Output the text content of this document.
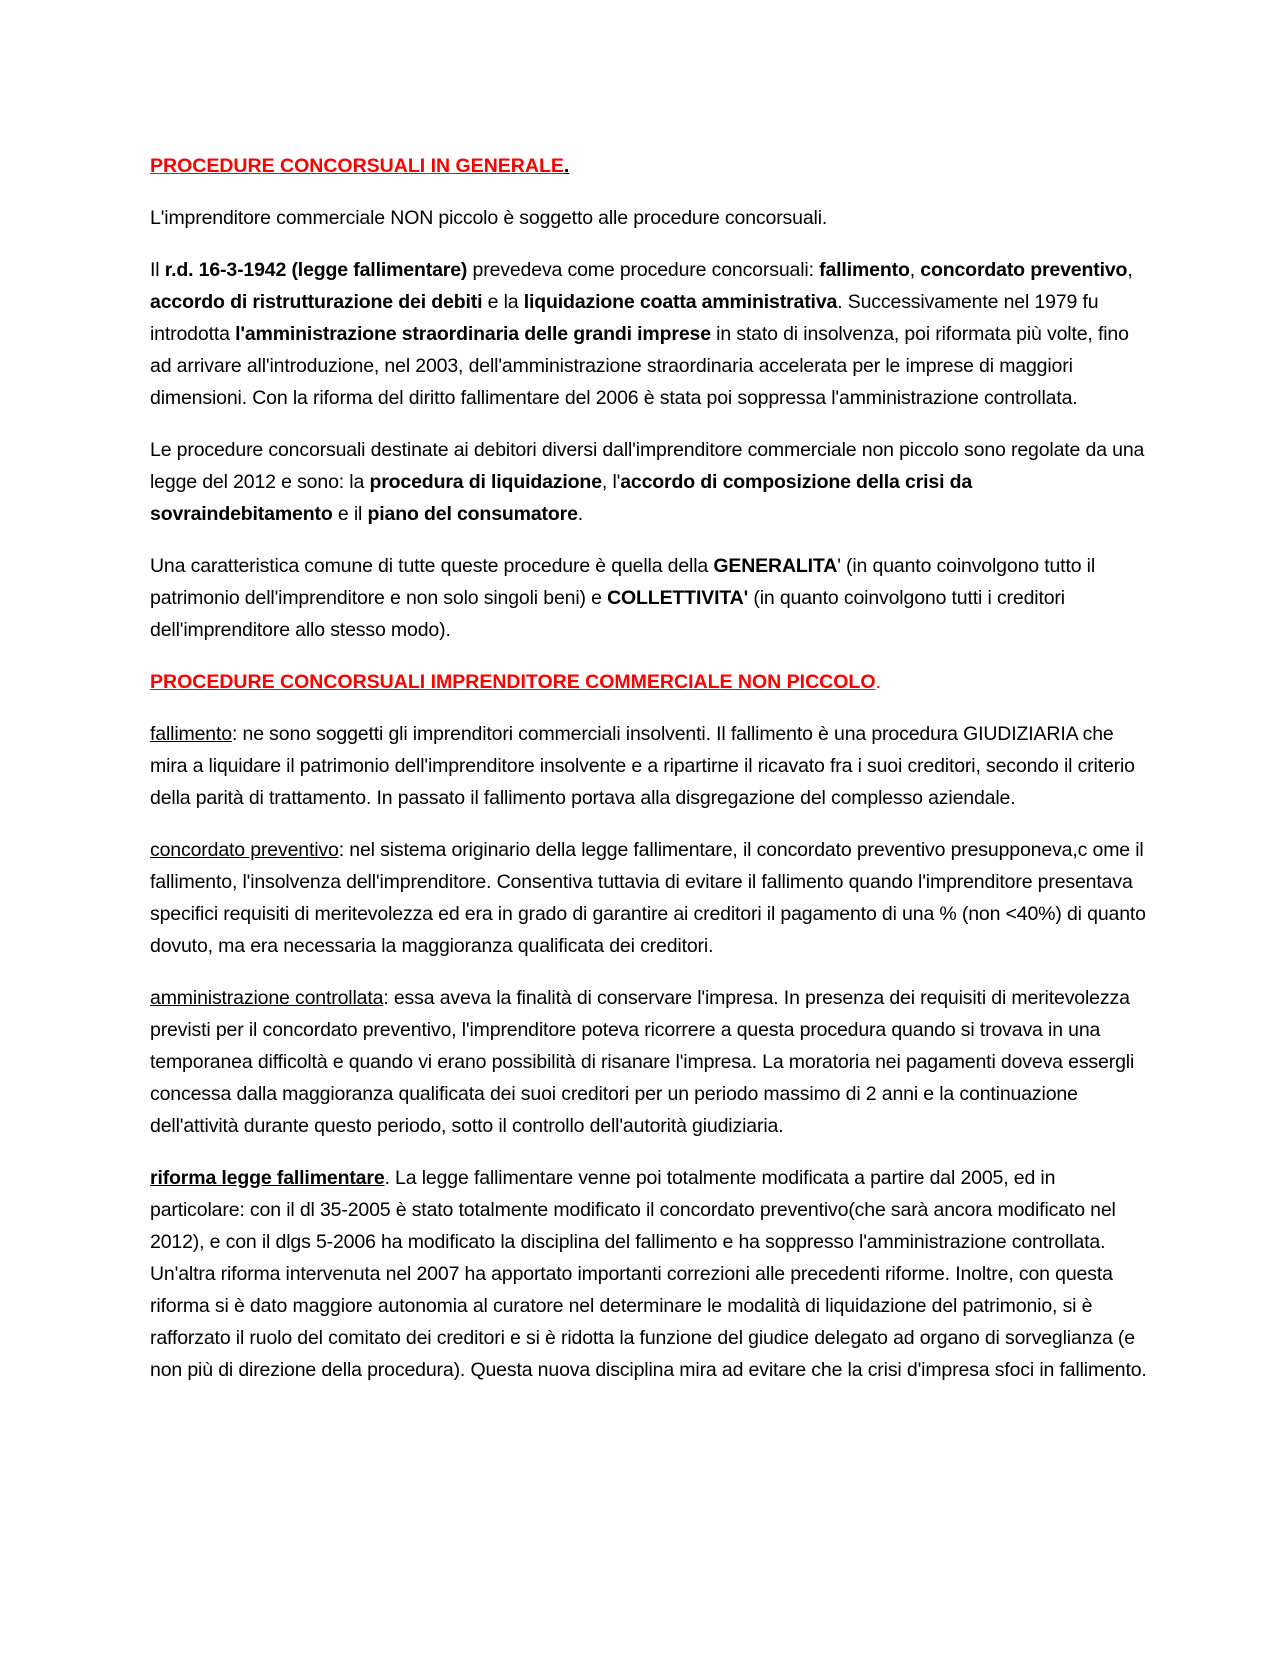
PROCEDURE CONCORSUALI IN GENERALE.

L'imprenditore commerciale NON piccolo è soggetto alle procedure concorsuali.

Il r.d. 16-3-1942 (legge fallimentare) prevedeva come procedure concorsuali: fallimento, concordato preventivo, accordo di ristrutturazione dei debiti e la liquidazione coatta amministrativa. Successivamente nel 1979 fu introdotta l'amministrazione straordinaria delle grandi imprese in stato di insolvenza, poi riformata più volte, fino ad arrivare all'introduzione, nel 2003, dell'amministrazione straordinaria accelerata per le imprese di maggiori dimensioni. Con la riforma del diritto fallimentare del 2006 è stata poi soppressa l'amministrazione controllata.

Le procedure concorsuali destinate ai debitori diversi dall'imprenditore commerciale non piccolo sono regolate da una legge del 2012 e sono: la procedura di liquidazione, l'accordo di composizione della crisi da sovraindebitamento e il piano del consumatore.

Una caratteristica comune di tutte queste procedure è quella della GENERALITA' (in quanto coinvolgono tutto il patrimonio dell'imprenditore e non solo singoli beni) e COLLETTIVITA' (in quanto coinvolgono tutti i creditori dell'imprenditore allo stesso modo).

PROCEDURE CONCORSUALI IMPRENDITORE COMMERCIALE NON PICCOLO.

fallimento: ne sono soggetti gli imprenditori commerciali insolventi. Il fallimento è una procedura GIUDIZIARIA che mira a liquidare il patrimonio dell'imprenditore insolvente e a ripartirne il ricavato fra i suoi creditori, secondo il criterio della parità di trattamento. In passato il fallimento portava alla disgregazione del complesso aziendale.

concordato preventivo: nel sistema originario della legge fallimentare, il concordato preventivo presupponeva,c ome il fallimento, l'insolvenza dell'imprenditore. Consentiva tuttavia di evitare il fallimento quando l'imprenditore presentava specifici requisiti di meritevolezza ed era in grado di garantire ai creditori il pagamento di una % (non <40%) di quanto dovuto, ma era necessaria la maggioranza qualificata dei creditori.

amministrazione controllata: essa aveva la finalità di conservare l'impresa. In presenza dei requisiti di meritevolezza previsti per il concordato preventivo, l'imprenditore poteva ricorrere a questa procedura quando si trovava in una temporanea difficoltà e quando vi erano possibilità di risanare l'impresa. La moratoria nei pagamenti doveva essergli concessa dalla maggioranza qualificata dei suoi creditori per un periodo massimo di 2 anni e la continuazione dell'attività durante questo periodo, sotto il controllo dell'autorità giudiziaria.

riforma legge fallimentare. La legge fallimentare venne poi totalmente modificata a partire dal 2005, ed in particolare: con il dl 35-2005 è stato totalmente modificato il concordato preventivo(che sarà ancora modificato nel 2012), e con il dlgs 5-2006 ha modificato la disciplina del fallimento e ha soppresso l'amministrazione controllata. Un'altra riforma intervenuta nel 2007 ha apportato importanti correzioni alle precedenti riforme. Inoltre, con questa riforma si è dato maggiore autonomia al curatore nel determinare le modalità di liquidazione del patrimonio, si è rafforzato il ruolo del comitato dei creditori e si è ridotta la funzione del giudice delegato ad organo di sorveglianza (e non più di direzione della procedura). Questa nuova disciplina mira ad evitare che la crisi d'impresa sfoci in fallimento.
